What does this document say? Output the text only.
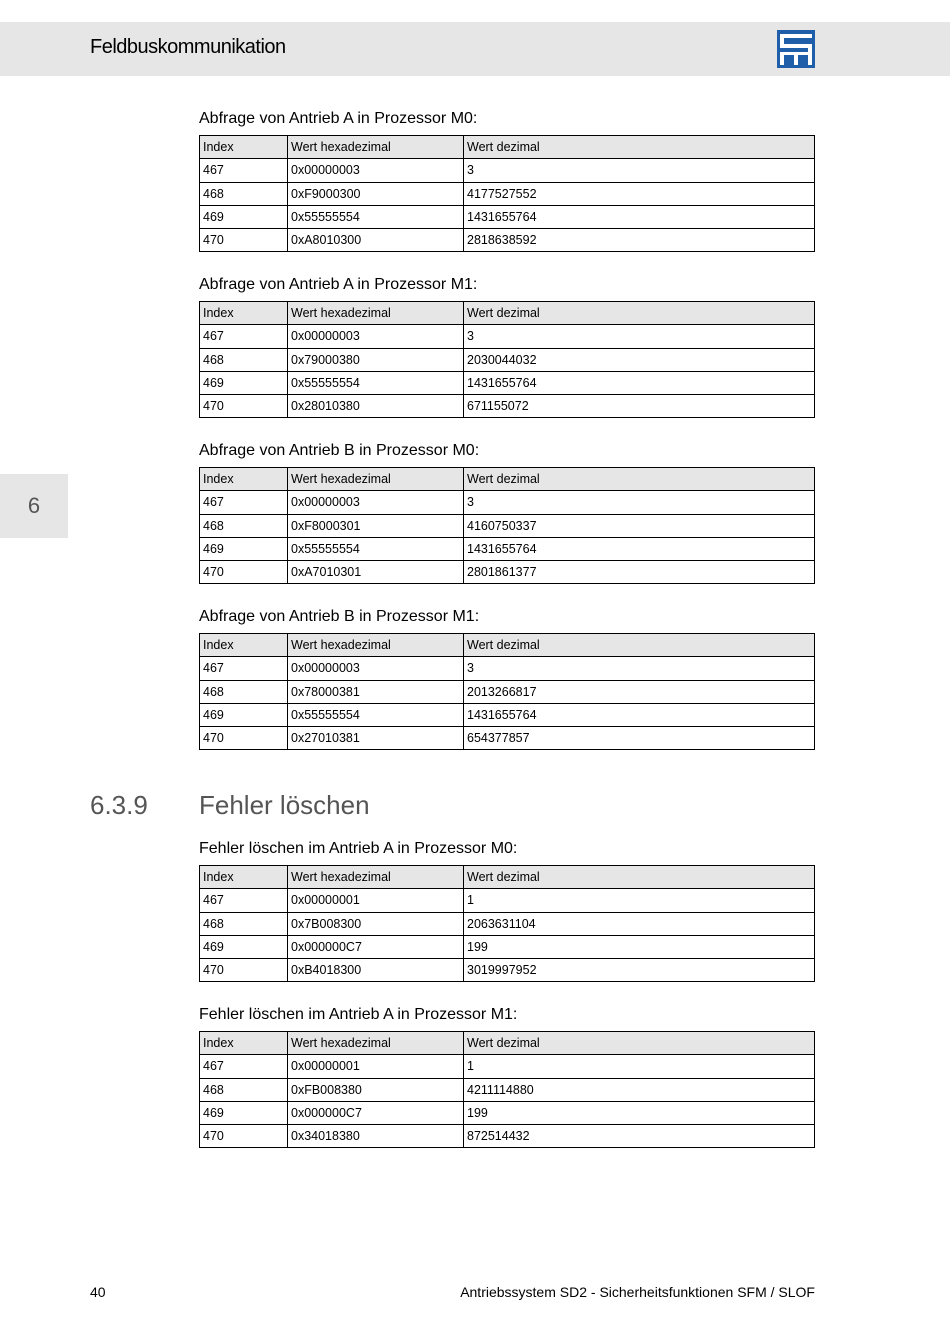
Feldbuskommunikation
6
Abfrage von Antrieb A in Prozessor M0:
Index	Wert hexadezimal	Wert dezimal
467	0x00000003	3
468	0xF9000300	4177527552
469	0x55555554	1431655764
470	0xA8010300	2818638592
Abfrage von Antrieb A in Prozessor M1:
Index	Wert hexadezimal	Wert dezimal
467	0x00000003	3
468	0x79000380	2030044032
469	0x55555554	1431655764
470	0x28010380	671155072
Abfrage von Antrieb B in Prozessor M0:
Index	Wert hexadezimal	Wert dezimal
467	0x00000003	3
468	0xF8000301	4160750337
469	0x55555554	1431655764
470	0xA7010301	2801861377
Abfrage von Antrieb B in Prozessor M1:
Index	Wert hexadezimal	Wert dezimal
467	0x00000003	3
468	0x78000381	2013266817
469	0x55555554	1431655764
470	0x27010381	654377857
Fehler löschen im Antrieb A in Prozessor M0:
Index	Wert hexadezimal	Wert dezimal
467	0x00000001	1
468	0x7B008300	2063631104
469	0x000000C7	199
470	0xB4018300	3019997952
Fehler löschen im Antrieb A in Prozessor M1:
Index	Wert hexadezimal	Wert dezimal
467	0x00000001	1
468	0xFB008380	4211114880
469	0x000000C7	199
470	0x34018380	872514432
6.3.9 Fehler löschen
40	Antriebssystem SD2 - Sicherheitsfunktionen SFM / SLOF
